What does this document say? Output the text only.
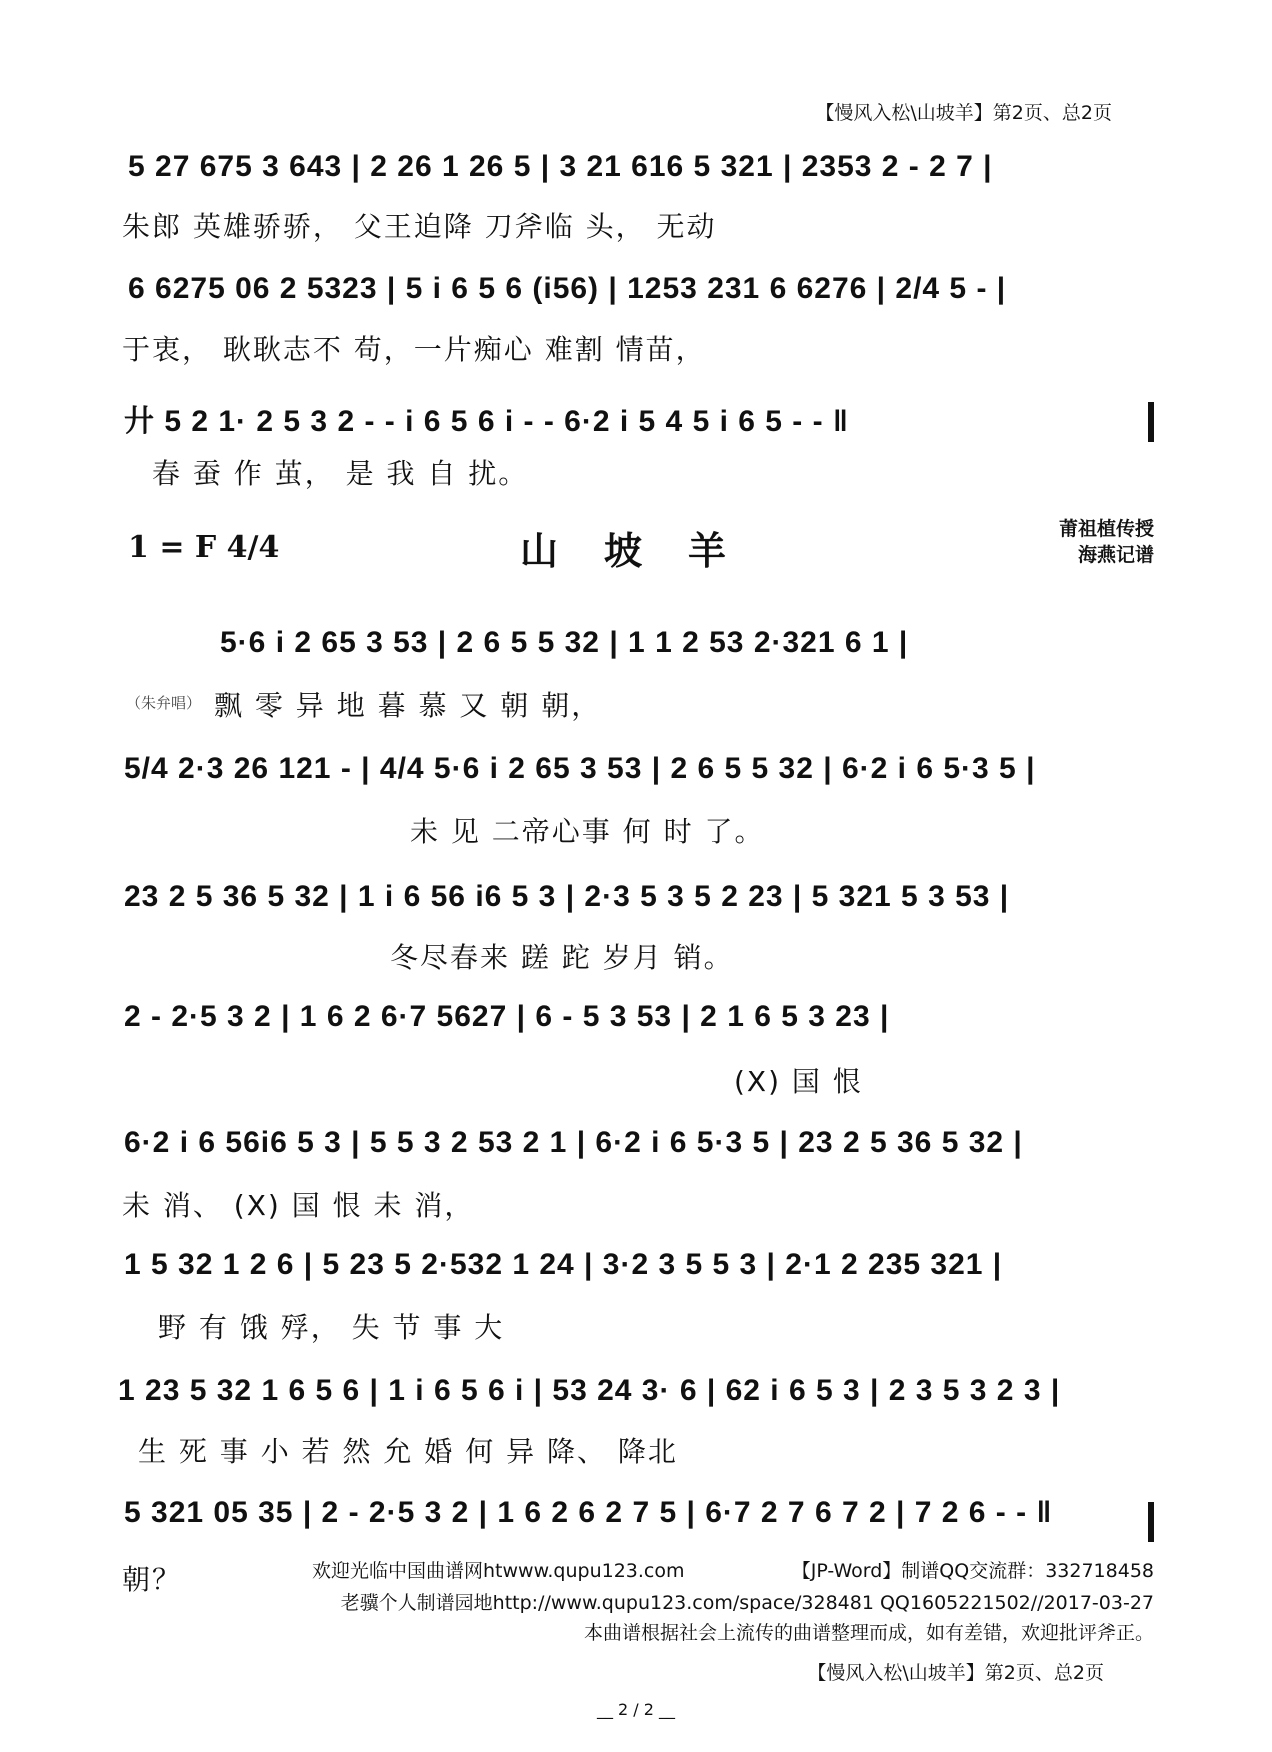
【慢风入松\山坡羊】第2页、总2页
5 27 675 3 643 | 2 26 1 26 5 | 3 21 616 5 321 | 2353 2 - 2 7 |
朱郎 英雄骄骄， 父王迫降 刀斧临 头， 无动
6 6275 06 2 5323 | 5 i 6 5 6 (i56) | 1253 231 6 6276 | 2/4 5 - |
于衷， 耿耿志不 苟，一片痴心 难割 情苗，
廾 5 2 1· 2 5 3 2 - - i 6 5 6 i - - 6·2 i 5 4 5 i 6 5 - - ‖
春 蚕 作 茧， 是 我 自 扰。
1 = F 4/4	山坡羊	莆祖植传授
海燕记谱
5·6 i 2 65 3 53 | 2 6 5 5 32 | 1 1 2 53 2·321 6 1 |
（朱弁唱） 飘 零 异 地 暮 慕 又 朝 朝，
5/4 2·3 26 121 - | 4/4 5·6 i 2 65 3 53 | 2 6 5 5 32 | 6·2 i 6 5·3 5 |
未 见 二帝心事 何 时 了。
23 2 5 36 5 32 | 1 i 6 56 i6 5 3 | 2·3 5 3 5 2 23 | 5 321 5 3 53 |
冬尽春来 蹉 跎 岁月 销。
2 - 2·5 3 2 | 1 6 2 6·7 5627 | 6 - 5 3 53 | 2 1 6 5 3 23 |
(X) 国 恨
6·2 i 6 56i6 5 3 | 5 5 3 2 53 2 1 | 6·2 i 6 5·3 5 | 23 2 5 36 5 32 |
未 消、 (X) 国 恨 未 消，
1 5 32 1 2 6 | 5 23 5 2·532 1 24 | 3·2 3 5 5 3 | 2·1 2 235 321 |
野 有 饿 殍， 失 节 事 大
1 23 5 32 1 6 5 6 | 1 i 6 5 6 i | 53 24 3· 6 | 62 i 6 5 3 | 2 3 5 3 2 3 |
生 死 事 小 若 然 允 婚 何 异 降、 降北
5 321 05 35 | 2 - 2·5 3 2 | 1 6 2 6 2 7 5 | 6·7 2 7 6 7 2 | 7 2 6 - - ‖
朝？	欢迎光临中国曲谱网htwww.qupu123.com	【JP-Word】制谱QQ交流群：332718458
老骥个人制谱园地http://www.qupu123.com/space/328481 QQ1605221502//2017-03-27
本曲谱根据社会上流传的曲谱整理而成，如有差错，欢迎批评斧正。
【慢风入松\山坡羊】第2页、总2页
__ 2 / 2 __
